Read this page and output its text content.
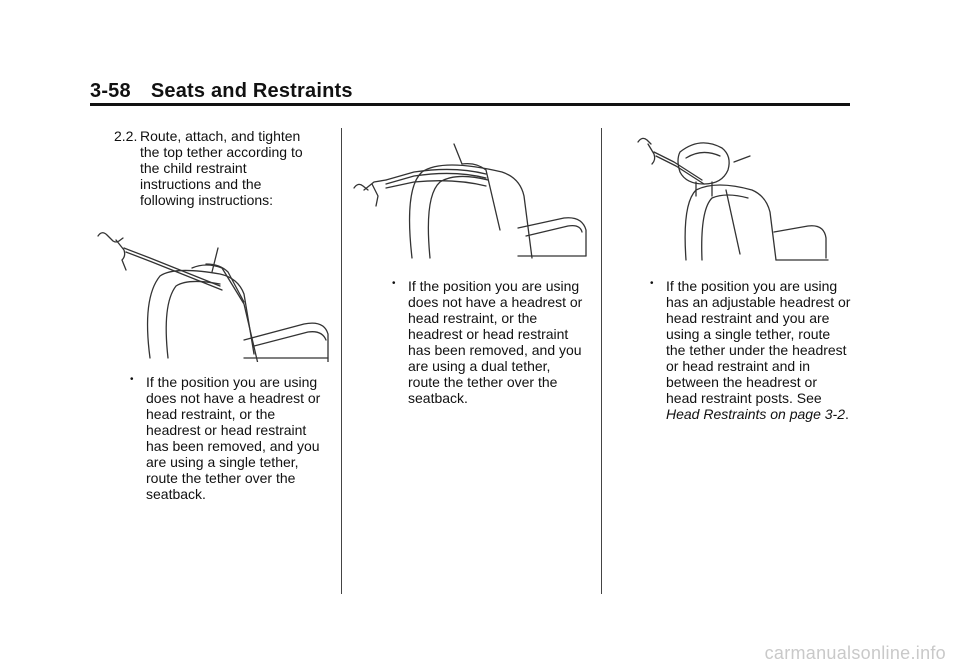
3-58 Seats and Restraints
2.2. Route, attach, and tighten the top tether according to the child restraint instructions and the following instructions:
• If the position you are using does not have a headrest or head restraint, or the headrest or head restraint has been removed, and you are using a single tether, route the tether over the seatback.
• If the position you are using does not have a headrest or head restraint, or the headrest or head restraint has been removed, and you are using a dual tether, route the tether over the seatback.
• If the position you are using has an adjustable headrest or head restraint and you are using a single tether, route the tether under the headrest or head restraint and in between the headrest or head restraint posts. See Head Restraints on page 3-2.
carmanualsonline.info
